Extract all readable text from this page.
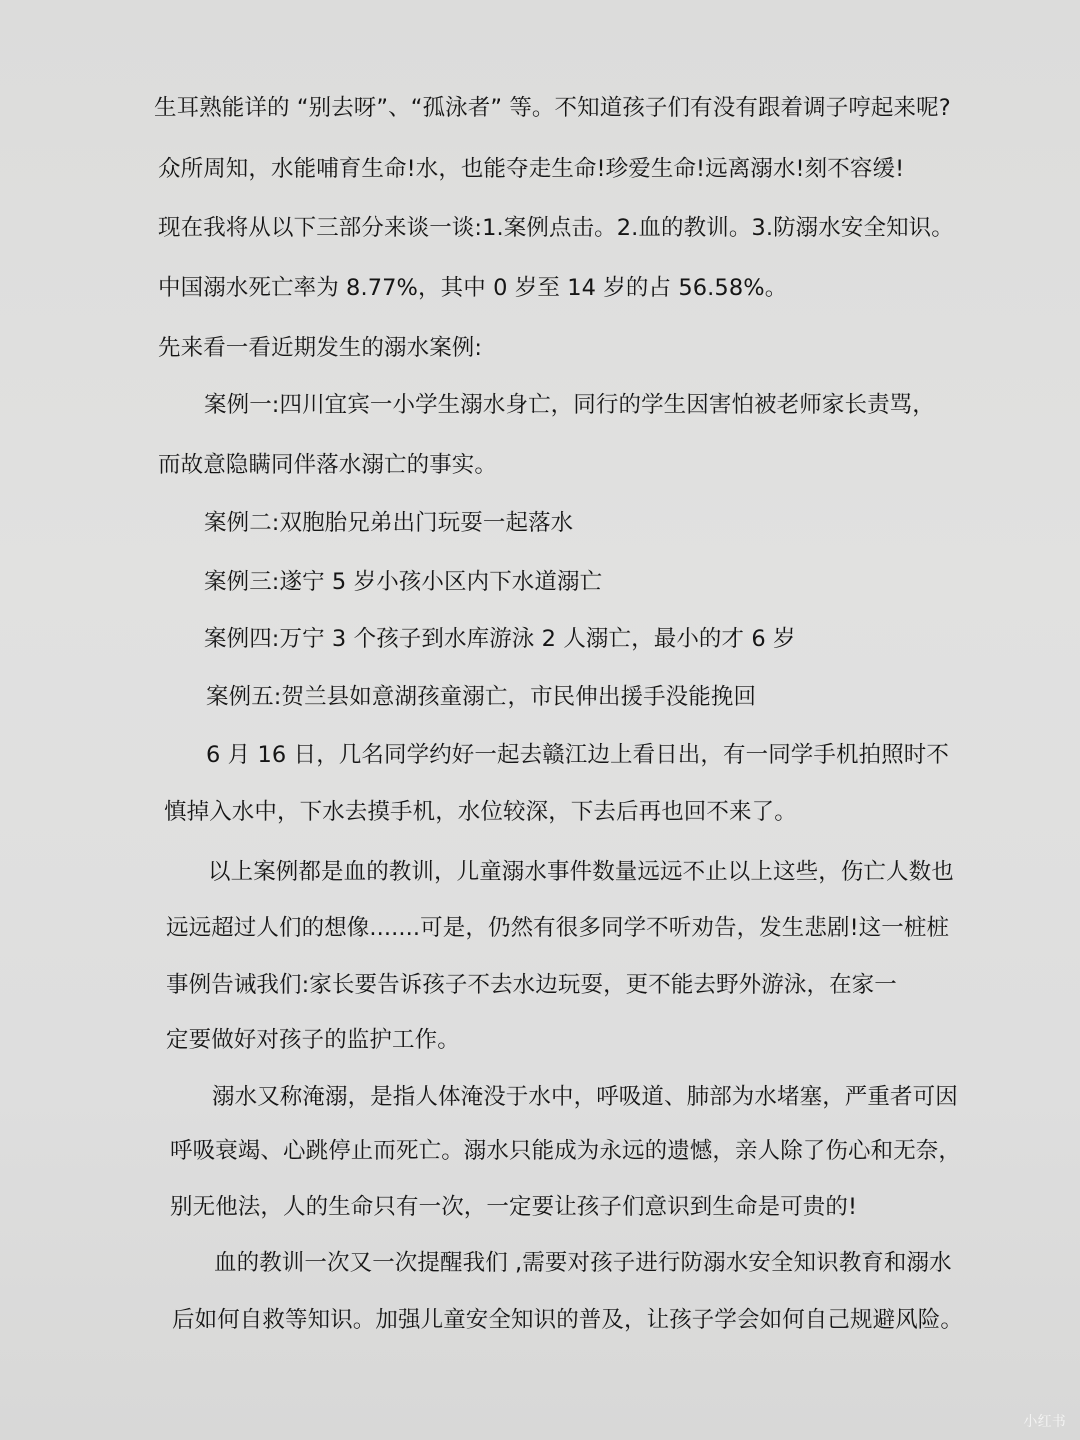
生耳熟能详的 “别去呀”、“孤泳者” 等。不知道孩子们有没有跟着调子哼起来呢?

众所周知，水能哺育生命!水，也能夺走生命!珍爱生命!远离溺水!刻不容缓!

现在我将从以下三部分来谈一谈:1.案例点击。2.血的教训。3.防溺水安全知识。

中国溺水死亡率为 8.77%，其中 0 岁至 14 岁的占 56.58%。

先来看一看近期发生的溺水案例:

案例一:四川宜宾一小学生溺水身亡，同行的学生因害怕被老师家长责骂，

而故意隐瞒同伴落水溺亡的事实。

案例二:双胞胎兄弟出门玩耍一起落水

案例三:遂宁 5 岁小孩小区内下水道溺亡

案例四:万宁 3 个孩子到水库游泳 2 人溺亡，最小的才 6 岁

案例五:贺兰县如意湖孩童溺亡，市民伸出援手没能挽回

6 月 16 日，几名同学约好一起去赣江边上看日出，有一同学手机拍照时不

慎掉入水中，下水去摸手机，水位较深，下去后再也回不来了。

以上案例都是血的教训，儿童溺水事件数量远远不止以上这些，伤亡人数也

远远超过人们的想像.......可是，仍然有很多同学不听劝告，发生悲剧!这一桩桩

事例告诫我们:家长要告诉孩子不去水边玩耍，更不能去野外游泳，在家一

定要做好对孩子的监护工作。

溺水又称淹溺，是指人体淹没于水中，呼吸道、肺部为水堵塞，严重者可因

呼吸衰竭、心跳停止而死亡。溺水只能成为永远的遗憾，亲人除了伤心和无奈，

别无他法，人的生命只有一次，一定要让孩子们意识到生命是可贵的!

血的教训一次又一次提醒我们 ,需要对孩子进行防溺水安全知识教育和溺水

后如何自救等知识。加强儿童安全知识的普及，让孩子学会如何自己规避风险。

小红书
